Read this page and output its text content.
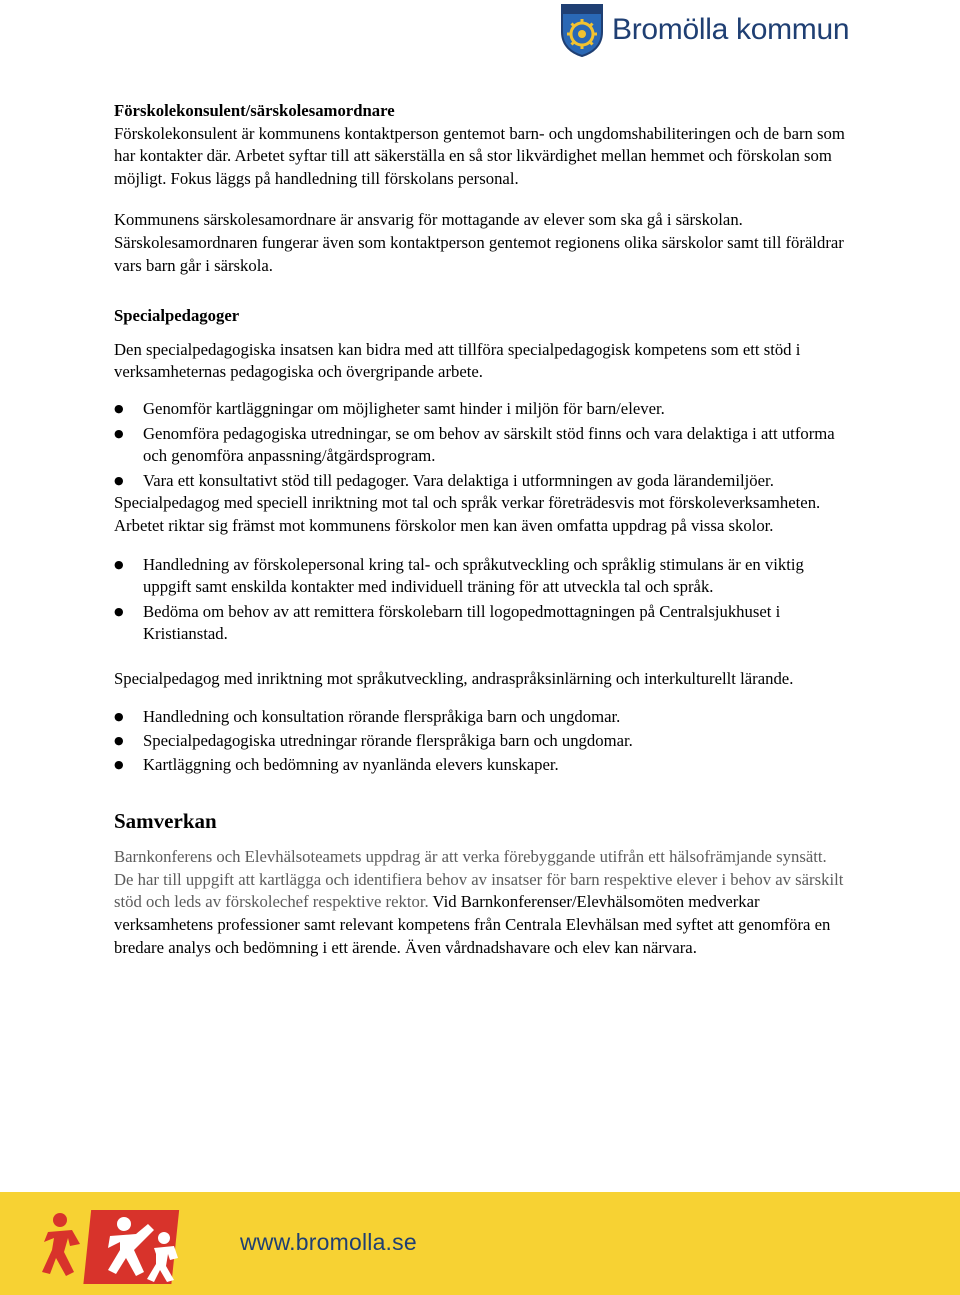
Bromölla kommun

Förskolekonsulent/särskolesamordnare

Förskolekonsulent är kommunens kontaktperson gentemot barn- och ungdomshabiliteringen och de barn som har kontakter där. Arbetet syftar till att säkerställa en så stor likvärdighet mellan hemmet och förskolan som möjligt. Fokus läggs på handledning till förskolans personal.

Kommunens särskolesamordnare är ansvarig för mottagande av elever som ska gå i särskolan. Särskolesamordnaren fungerar även som kontaktperson gentemot regionens olika särskolor samt till föräldrar vars barn går i särskola.

Specialpedagoger

Den specialpedagogiska insatsen kan bidra med att tillföra specialpedagogisk kompetens som ett stöd i verksamheternas pedagogiska och övergripande arbete.

● Genomför kartläggningar om möjligheter samt hinder i miljön för barn/elever.
● Genomföra pedagogiska utredningar, se om behov av särskilt stöd finns och vara delaktiga i att utforma och genomföra anpassning/åtgärdsprogram.
● Vara ett konsultativt stöd till pedagoger. Vara delaktiga i utformningen av goda lärandemiljöer.

Specialpedagog med speciell inriktning mot tal och språk verkar företrädesvis mot förskoleverksamheten. Arbetet riktar sig främst mot kommunens förskolor men kan även omfatta uppdrag på vissa skolor.

● Handledning av förskolepersonal kring tal- och språkutveckling och språklig stimulans är en viktig uppgift samt enskilda kontakter med individuell träning för att utveckla tal och språk.
● Bedöma om behov av att remittera förskolebarn till logopedmottagningen på Centralsjukhuset i Kristianstad.

Specialpedagog med inriktning mot språkutveckling, andraspråksinlärning och interkulturellt lärande.

● Handledning och konsultation rörande flerspråkiga barn och ungdomar.
● Specialpedagogiska utredningar rörande flerspråkiga barn och ungdomar.
● Kartläggning och bedömning av nyanlända elevers kunskaper.

Samverkan

Barnkonferens och Elevhälsoteamets uppdrag är att verka förebyggande utifrån ett hälsofrämjande synsätt. De har till uppgift att kartlägga och identifiera behov av insatser för barn respektive elever i behov av särskilt stöd och leds av förskolechef respektive rektor. Vid Barnkonferenser/Elevhälsomöten medverkar verksamhetens professioner samt relevant kompetens från Centrala Elevhälsan med syftet att genomföra en bredare analys och bedömning i ett ärende. Även vårdnadshavare och elev kan närvara.

www.bromolla.se
